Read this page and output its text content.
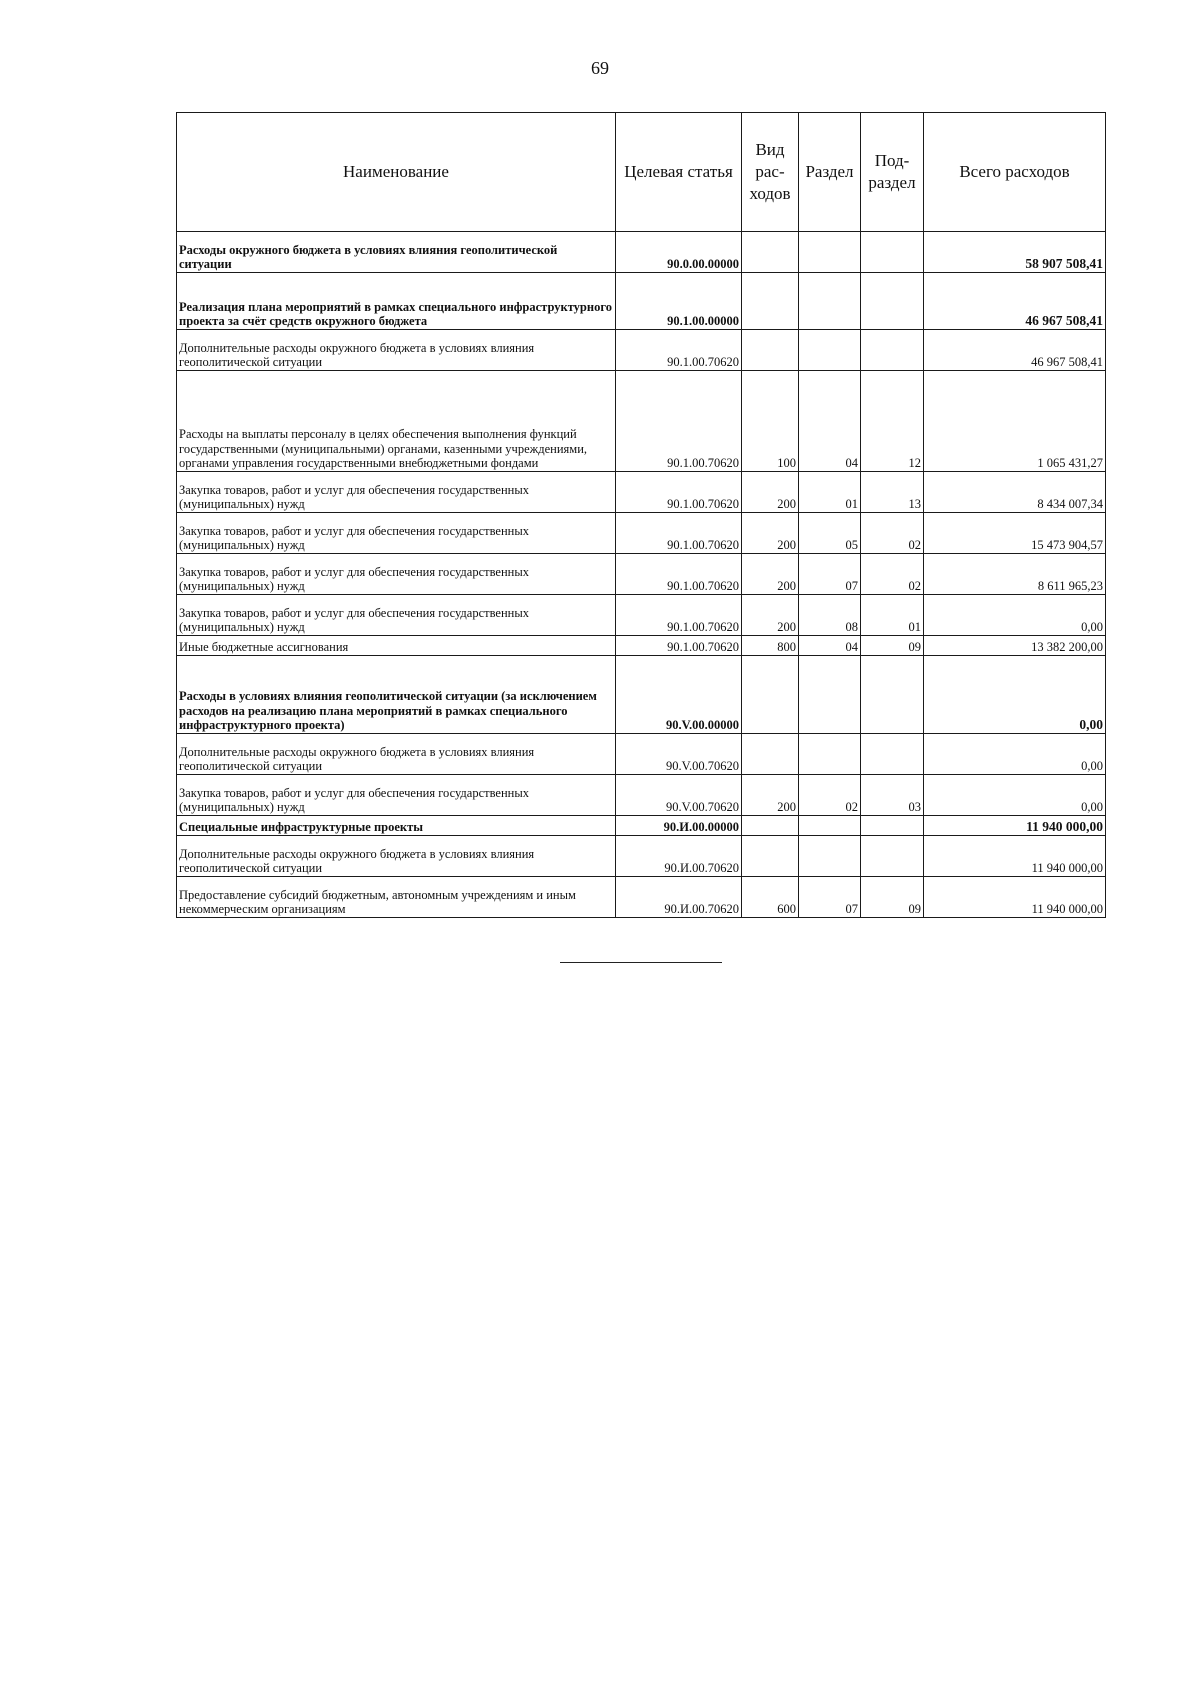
69
Наименование	Целевая статья	Вид рас- ходов	Раздел	Под- раздел	Всего расходов
Расходы окружного бюджета в условиях влияния геополитической ситуации	90.0.00.00000				58 907 508,41
Реализация плана мероприятий в рамках специального инфраструктурного проекта за счёт средств окружного бюджета	90.1.00.00000				46 967 508,41
Дополнительные расходы окружного бюджета в условиях влияния геополитической ситуации	90.1.00.70620				46 967 508,41
Расходы на выплаты персоналу в целях обеспечения выполнения функций государственными (муниципальными) органами, казенными учреждениями, органами управления государственными внебюджетными фондами	90.1.00.70620	100	04	12	1 065 431,27
Закупка товаров, работ и услуг для обеспечения государственных (муниципальных) нужд	90.1.00.70620	200	01	13	8 434 007,34
Закупка товаров, работ и услуг для обеспечения государственных (муниципальных) нужд	90.1.00.70620	200	05	02	15 473 904,57
Закупка товаров, работ и услуг для обеспечения государственных (муниципальных) нужд	90.1.00.70620	200	07	02	8 611 965,23
Закупка товаров, работ и услуг для обеспечения государственных (муниципальных) нужд	90.1.00.70620	200	08	01	0,00
Иные бюджетные ассигнования	90.1.00.70620	800	04	09	13 382 200,00
Расходы в условиях влияния геополитической ситуации (за исключением расходов на реализацию плана мероприятий в рамках специального инфраструктурного проекта)	90.V.00.00000				0,00
Дополнительные расходы окружного бюджета в условиях влияния геополитической ситуации	90.V.00.70620				0,00
Закупка товаров, работ и услуг для обеспечения государственных (муниципальных) нужд	90.V.00.70620	200	02	03	0,00
Специальные инфраструктурные проекты	90.И.00.00000				11 940 000,00
Дополнительные расходы окружного бюджета в условиях влияния геополитической ситуации	90.И.00.70620				11 940 000,00
Предоставление субсидий бюджетным, автономным учреждениям и иным некоммерческим организациям	90.И.00.70620	600	07	09	11 940 000,00
